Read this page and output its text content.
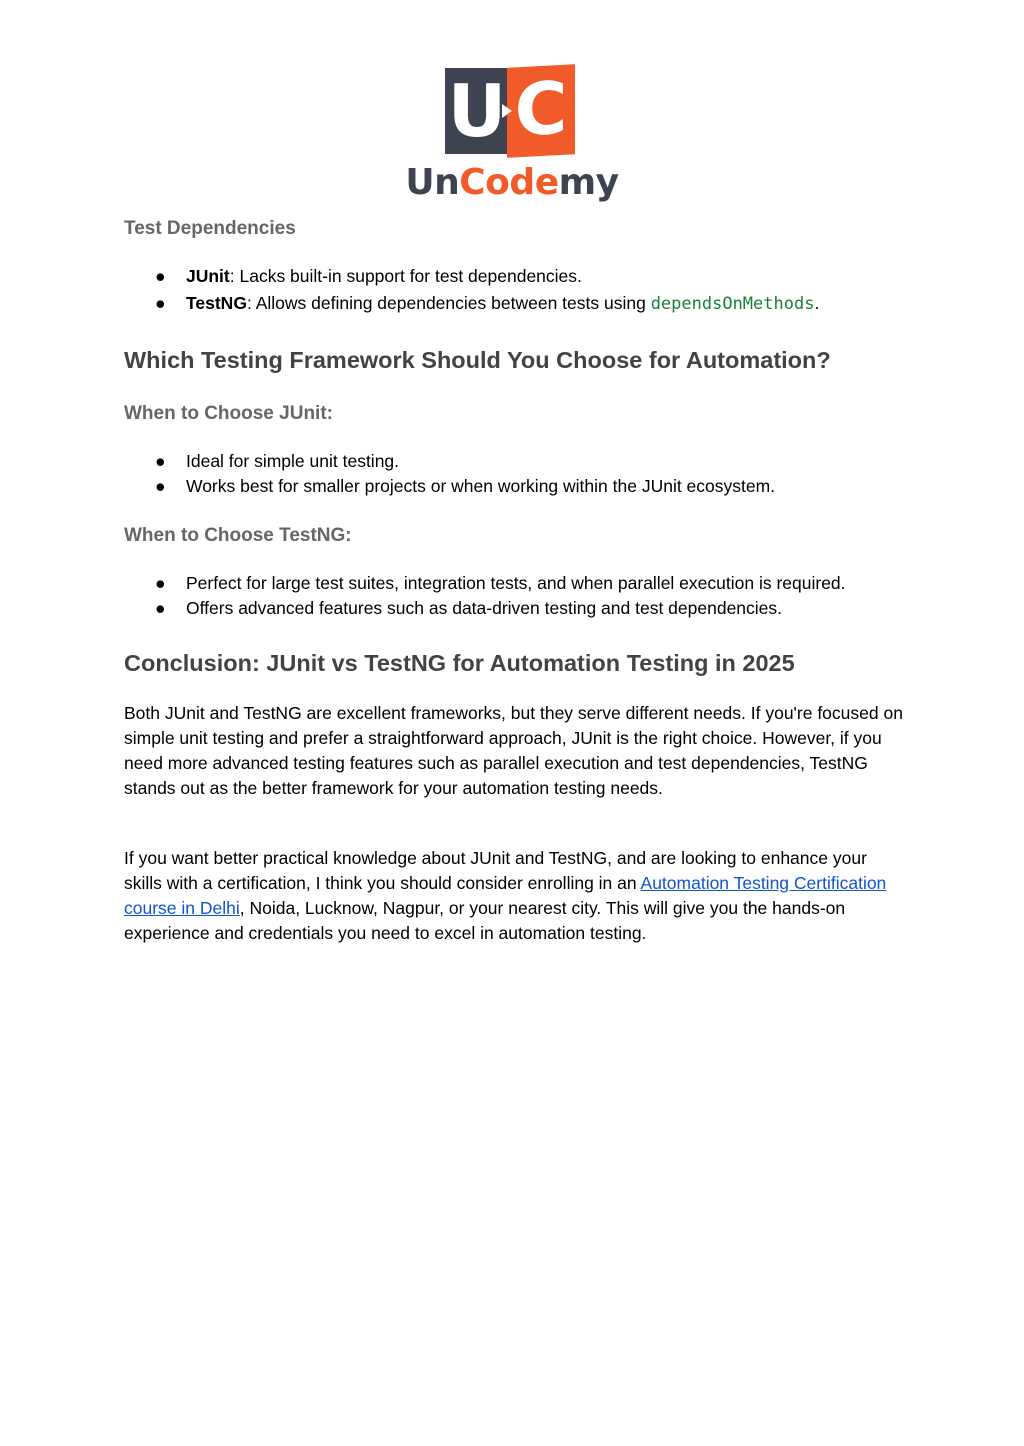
U C
UnCodemy
Test Dependencies
● JUnit: Lacks built-in support for test dependencies.
● TestNG: Allows defining dependencies between tests using dependsOnMethods.
Which Testing Framework Should You Choose for Automation?
When to Choose JUnit:
● Ideal for simple unit testing.
● Works best for smaller projects or when working within the JUnit ecosystem.
When to Choose TestNG:
● Perfect for large test suites, integration tests, and when parallel execution is required.
● Offers advanced features such as data-driven testing and test dependencies.
Conclusion: JUnit vs TestNG for Automation Testing in 2025

Both JUnit and TestNG are excellent frameworks, but they serve different needs. If you're focused on simple unit testing and prefer a straightforward approach, JUnit is the right choice. However, if you need more advanced testing features such as parallel execution and test dependencies, TestNG stands out as the better framework for your automation testing needs.

If you want better practical knowledge about JUnit and TestNG, and are looking to enhance your skills with a certification, I think you should consider enrolling in an Automation Testing Certification course in Delhi, Noida, Lucknow, Nagpur, or your nearest city. This will give you the hands-on experience and credentials you need to excel in automation testing.
